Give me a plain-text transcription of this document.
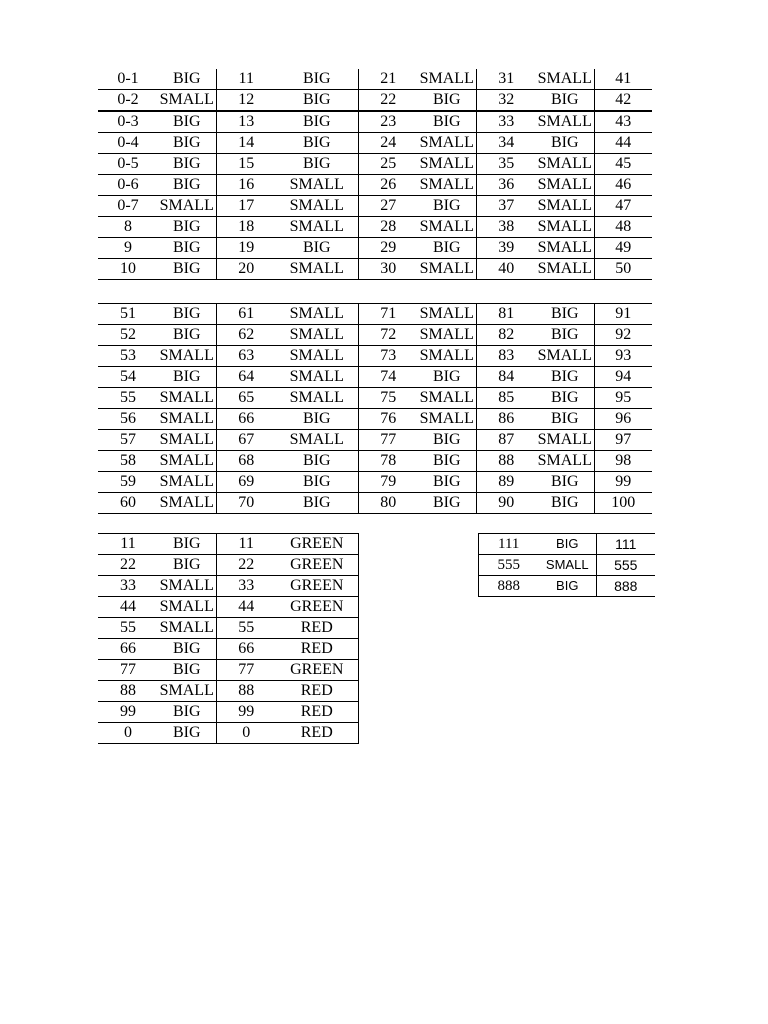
0-1	BIG	11	BIG	21	SMALL	31	SMALL	41
0-2	SMALL	12	BIG	22	BIG	32	BIG	42
0-3	BIG	13	BIG	23	BIG	33	SMALL	43
0-4	BIG	14	BIG	24	SMALL	34	BIG	44
0-5	BIG	15	BIG	25	SMALL	35	SMALL	45
0-6	BIG	16	SMALL	26	SMALL	36	SMALL	46
0-7	SMALL	17	SMALL	27	BIG	37	SMALL	47
8	BIG	18	SMALL	28	SMALL	38	SMALL	48
9	BIG	19	BIG	29	BIG	39	SMALL	49
10	BIG	20	SMALL	30	SMALL	40	SMALL	50
51	BIG	61	SMALL	71	SMALL	81	BIG	91
52	BIG	62	SMALL	72	SMALL	82	BIG	92
53	SMALL	63	SMALL	73	SMALL	83	SMALL	93
54	BIG	64	SMALL	74	BIG	84	BIG	94
55	SMALL	65	SMALL	75	SMALL	85	BIG	95
56	SMALL	66	BIG	76	SMALL	86	BIG	96
57	SMALL	67	SMALL	77	BIG	87	SMALL	97
58	SMALL	68	BIG	78	BIG	88	SMALL	98
59	SMALL	69	BIG	79	BIG	89	BIG	99
60	SMALL	70	BIG	80	BIG	90	BIG	100
11	BIG	11	GREEN
22	BIG	22	GREEN
33	SMALL	33	GREEN
44	SMALL	44	GREEN
55	SMALL	55	RED
66	BIG	66	RED
77	BIG	77	GREEN
88	SMALL	88	RED
99	BIG	99	RED
0	BIG	0	RED
111	BIG	111
555	SMALL	555
888	BIG	888
